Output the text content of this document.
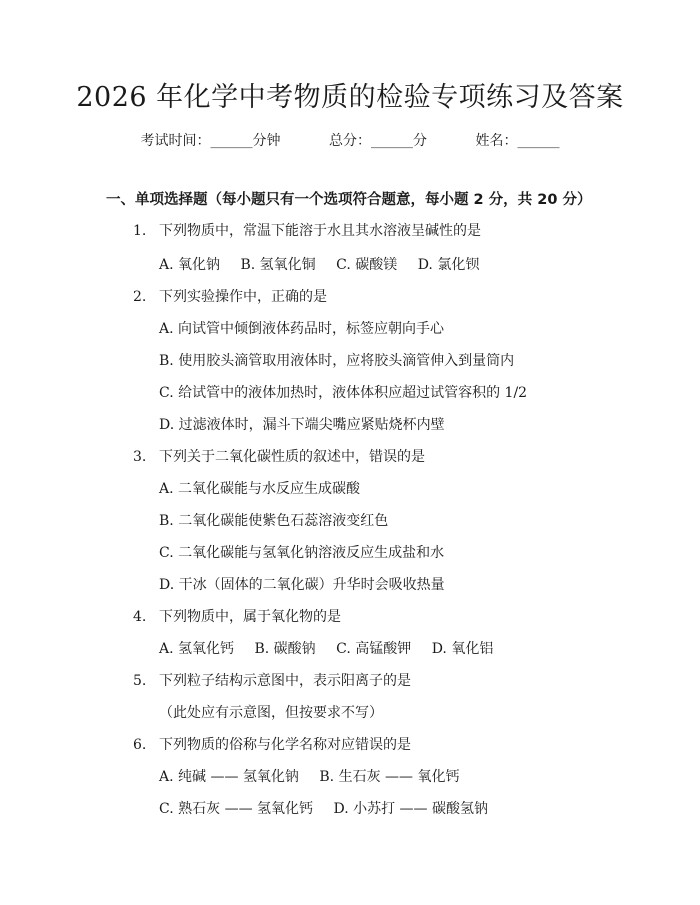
2026 年化学中考物质的检验专项练习及答案
考试时间：______分钟	总分：______分	姓名：______
一、单项选择题（每小题只有一个选项符合题意，每小题 2 分，共 20 分）
1. 下列物质中，常温下能溶于水且其水溶液呈碱性的是
A. 氧化钠 B. 氢氧化铜 C. 碳酸镁 D. 氯化钡
2. 下列实验操作中，正确的是
A. 向试管中倾倒液体药品时，标签应朝向手心
B. 使用胶头滴管取用液体时，应将胶头滴管伸入到量筒内
C. 给试管中的液体加热时，液体体积应超过试管容积的 1/2
D. 过滤液体时，漏斗下端尖嘴应紧贴烧杯内壁
3. 下列关于二氧化碳性质的叙述中，错误的是
A. 二氧化碳能与水反应生成碳酸
B. 二氧化碳能使紫色石蕊溶液变红色
C. 二氧化碳能与氢氧化钠溶液反应生成盐和水
D. 干冰（固体的二氧化碳）升华时会吸收热量
4. 下列物质中，属于氧化物的是
A. 氢氧化钙 B. 碳酸钠 C. 高锰酸钾 D. 氧化铝
5. 下列粒子结构示意图中，表示阳离子的是
（此处应有示意图，但按要求不写）
6. 下列物质的俗称与化学名称对应错误的是
A. 纯碱 —— 氢氧化钠 B. 生石灰 —— 氧化钙
C. 熟石灰 —— 氢氧化钙 D. 小苏打 —— 碳酸氢钠
